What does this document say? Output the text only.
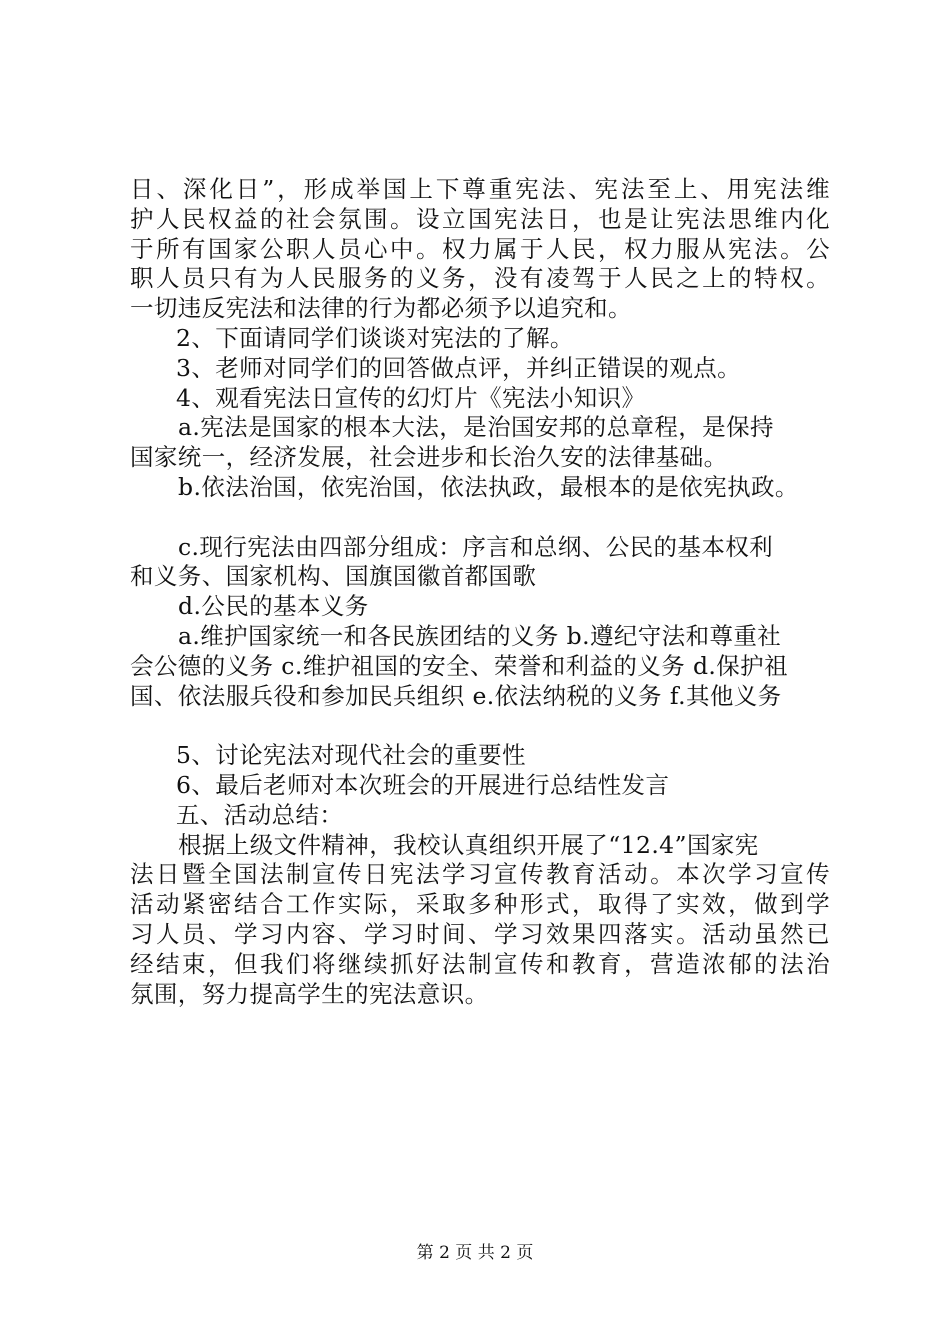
日、深化日”，形成举国上下尊重宪法、宪法至上、用宪法维
护人民权益的社会氛围。设立国宪法日，也是让宪法思维内化
于所有国家公职人员心中。权力属于人民，权力服从宪法。公
职人员只有为人民服务的义务，没有凌驾于人民之上的特权。
一切违反宪法和法律的行为都必须予以追究和。
2、下面请同学们谈谈对宪法的了解。
3、老师对同学们的回答做点评，并纠正错误的观点。
4、观看宪法日宣传的幻灯片《宪法小知识》
a.宪法是国家的根本大法，是治国安邦的总章程，是保持
国家统一，经济发展，社会进步和长治久安的法律基础。
b.依法治国，依宪治国，依法执政，最根本的是依宪执政。
c.现行宪法由四部分组成：序言和总纲、公民的基本权利
和义务、国家机构、国旗国徽首都国歌
d.公民的基本义务
a.维护国家统一和各民族团结的义务 b.遵纪守法和尊重社
会公德的义务 c.维护祖国的安全、荣誉和利益的义务 d.保护祖
国、依法服兵役和参加民兵组织 e.依法纳税的义务 f.其他义务
5、讨论宪法对现代社会的重要性
6、最后老师对本次班会的开展进行总结性发言
五、活动总结：
根据上级文件精神，我校认真组织开展了“12.4”国家宪
法日暨全国法制宣传日宪法学习宣传教育活动。本次学习宣传
活动紧密结合工作实际，采取多种形式，取得了实效，做到学
习人员、学习内容、学习时间、学习效果四落实。活动虽然已
经结束，但我们将继续抓好法制宣传和教育，营造浓郁的法治
氛围，努力提高学生的宪法意识。
第 2 页 共 2 页
